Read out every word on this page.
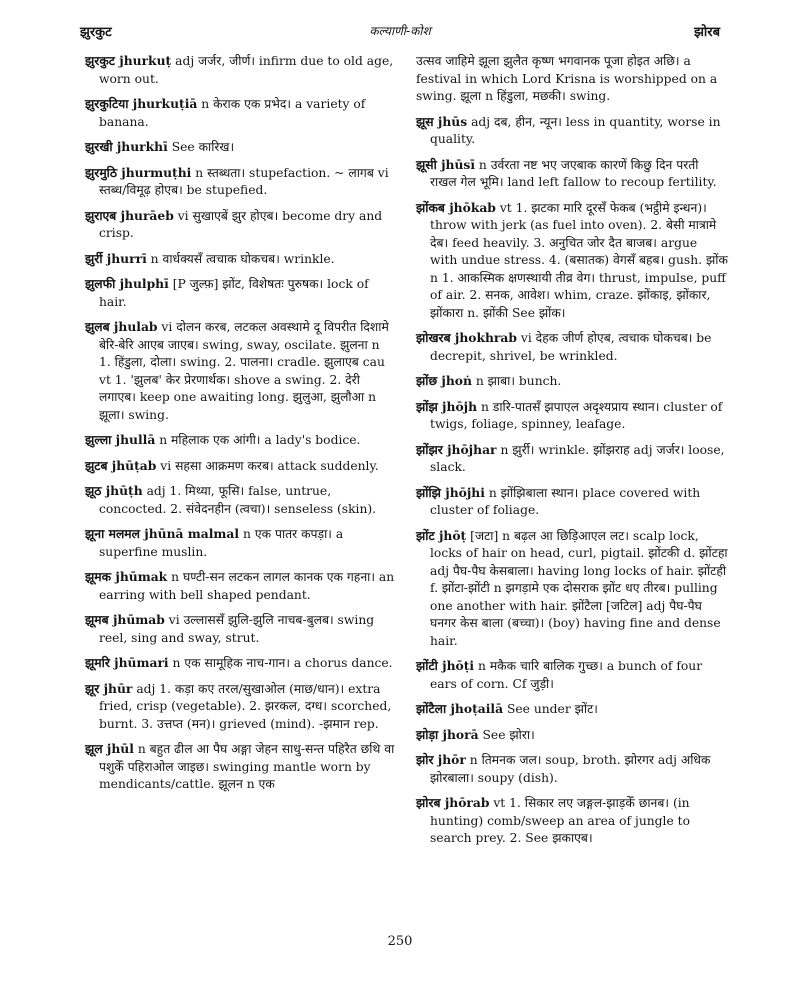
झुरकुट	कल्याणी-कोश	झोरब

झुरकुट jhurkuṭ adj जर्जर, जीर्ण। infirm due to old age, worn out.

झुरकुटिया jhurkuṭiā n केराक एक प्रभेद। a variety of banana.

झुरखी jhurkhī See कारिख।

झुरमुठि jhurmuṭhi n स्तब्धता। stupefaction. ~ लागब vi स्तब्ध/विमूढ़ होएब। be stupefied.

झुराएब jhurāeb vi सुखाएबें झुर होएब। become dry and crisp.

झुर्री jhurrī n वार्धक्यसँ त्वचाक घोकचब। wrinkle.

झुलफी jhulphī [P जुल्फ़] झोंट, विशेषतः पुरुषक। lock of hair.

झुलब jhulab vi दोलन करब, लटकल अवस्थामे दू विपरीत दिशामे बेरि-बेरि आएब जाएब। swing, sway, oscilate. झुलना n 1. हिंडुला, दोला। swing. 2. पालना। cradle. झुलाएब cau vt 1. 'झुलब' केर प्रेरणार्थक। shove a swing. 2. देरी लगाएब। keep one awaiting long. झुलुआ, झुलौआ n झूला। swing.

झुल्ला jhullā n महिलाक एक आंगी। a lady's bodice.

झुटब jhūṭab vi सहसा आक्रमण करब। attack suddenly.

झूठ jhūṭh adj 1. मिथ्या, फूसि। false, untrue, concocted. 2. संवेदनहीन (त्वचा)। senseless (skin).

झूना मलमल jhūnā malmal n एक पातर कपड़ा। a superfine muslin.

झूमक jhūmak n घण्टी-सन लटकन लागल कानक एक गहना। an earring with bell shaped pendant.

झूमब jhūmab vi उल्लाससँ झुलि-झुलि नाचब-बुलब। swing reel, sing and sway, strut.

झूमरि jhūmari n एक सामूहिक नाच-गान। a chorus dance.

झूर jhūr adj 1. कड़ा कए तरल/सुखाओल (माछ/धान)। extra fried, crisp (vegetable). 2. झरकल, दग्ध। scorched, burnt. 3. उत्तप्त (मन)। grieved (mind). -झमान rep.

झूल jhūl n बहुत ढील आ पैघ अङ्गा जेहन साधु-सन्त पहिरैत छथि वा पशुकेँ पहिराओल जाइछ। swinging mantle worn by mendicants/cattle. झूलन n एक

उत्सव जाहिमे झूला झुलैत कृष्ण भगवानक पूजा होइत अछि। a festival in which Lord Krisna is worshipped on a swing. झूला n हिंडुला, मछकी। swing.

झूस jhūs adj दब, हीन, न्यून। less in quantity, worse in quality.

झूसी jhūsī n उर्वरता नष्ट भए जएबाक कारणें किछु दिन परती राखल गेल भूमि। land left fallow to recoup fertility.

झोंकब jhōkab vt 1. झटका मारि दूरसँ फेकब (भट्ठीमे इन्धन)। throw with jerk (as fuel into oven). 2. बेसी मात्रामे देब। feed heavily. 3. अनुचित जोर दैत बाजब। argue with undue stress. 4. (बसातक) वेगसँ बहब। gush. झोंक n 1. आकस्मिक क्षणस्थायी तीव्र वेग। thrust, impulse, puff of air. 2. सनक, आवेश। whim, craze. झोंकाइ, झोंकार, झोंकारा n. झोंकी See झोंक।

झोखरब jhokhrab vi देहक जीर्ण होएब, त्वचाक घोकचब। be decrepit, shrivel, be wrinkled.

झोंछ jhoṅ n झाबा। bunch.

झोंझ jhōjh n डारि-पातसँ झपाएल अदृश्यप्राय स्थान। cluster of twigs, foliage, spinney, leafage.

झोंझर jhōjhar n झुर्री। wrinkle. झोंझराह adj जर्जर। loose, slack.

झोंझि jhōjhi n झोंझिबाला स्थान। place covered with cluster of foliage.

झोंट jhōṭ [जटा] n बढ़ल आ छिड़िआएल लट। scalp lock, locks of hair on head, curl, pigtail. झोंटकी d. झोंटहा adj पैघ-पैघ केसबाला। having long locks of hair. झोंटही f. झोंटा-झोंटी n झगड़ामे एक दोसराक झोंट धए तीरब। pulling one another with hair. झोंटैला [जटिल] adj पैघ-पैघ घनगर केस बाला (बच्चा)। (boy) having fine and dense hair.

झोंटी jhōṭi n मकैक चारि बालिक गुच्छ। a bunch of four ears of corn. Cf जुड़ी।

झोंटैला jhoṭailā See under झोंट।

झोड़ा jhorā See झोरा।

झोर jhōr n तिमनक जल। soup, broth. झोरगर adj अधिक झोरबाला। soupy (dish).

झोरब jhōrab vt 1. सिकार लए जङ्गल-झाड़केँ छानब। (in hunting) comb/sweep an area of jungle to search prey. 2. See झकाएब।

250
